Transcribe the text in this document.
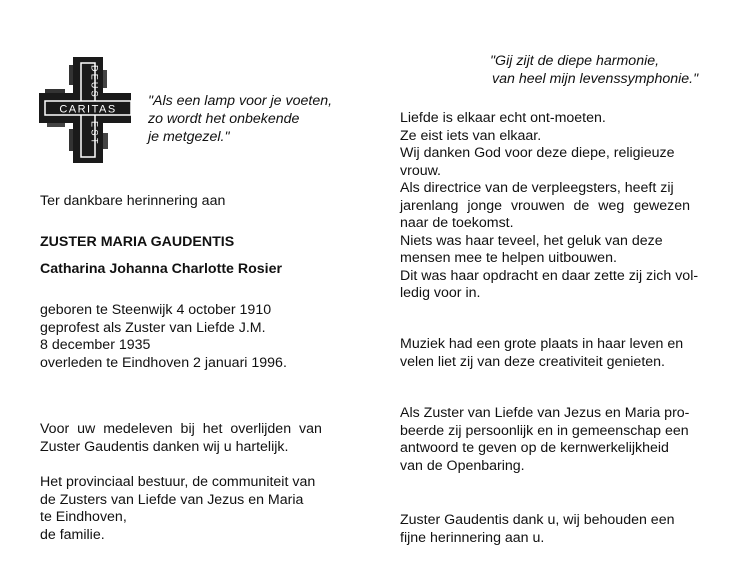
CARITAS
DEUS
EST
"Als een lamp voor je voeten,
zo wordt het onbekende
je metgezel."
"Gij zijt de diepe harmonie,
van heel mijn levenssymphonie."
Ter dankbare herinnering aan
ZUSTER MARIA GAUDENTIS
Catharina Johanna Charlotte Rosier
geboren te Steenwijk 4 october 1910
geprofest als Zuster van Liefde J.M.
8 december 1935
overleden te Eindhoven 2 januari 1996.
Voor uw medeleven bij het overlijden van
Zuster Gaudentis danken wij u hartelijk.
Het provinciaal bestuur, de communiteit van
de Zusters van Liefde van Jezus en Maria
te Eindhoven,
de familie.
Liefde is elkaar echt ont-moeten.
Ze eist iets van elkaar.
Wij danken God voor deze diepe, religieuze
vrouw.
Als directrice van de verpleegsters, heeft zij
jarenlang jonge vrouwen de weg gewezen
naar de toekomst.
Niets was haar teveel, het geluk van deze
mensen mee te helpen uitbouwen.
Dit was haar opdracht en daar zette zij zich vol-
ledig voor in.
Muziek had een grote plaats in haar leven en
velen liet zij van deze creativiteit genieten.
Als Zuster van Liefde van Jezus en Maria pro-
beerde zij persoonlijk en in gemeenschap een
antwoord te geven op de kernwerkelijkheid
van de Openbaring.
Zuster Gaudentis dank u, wij behouden een
fijne herinnering aan u.
